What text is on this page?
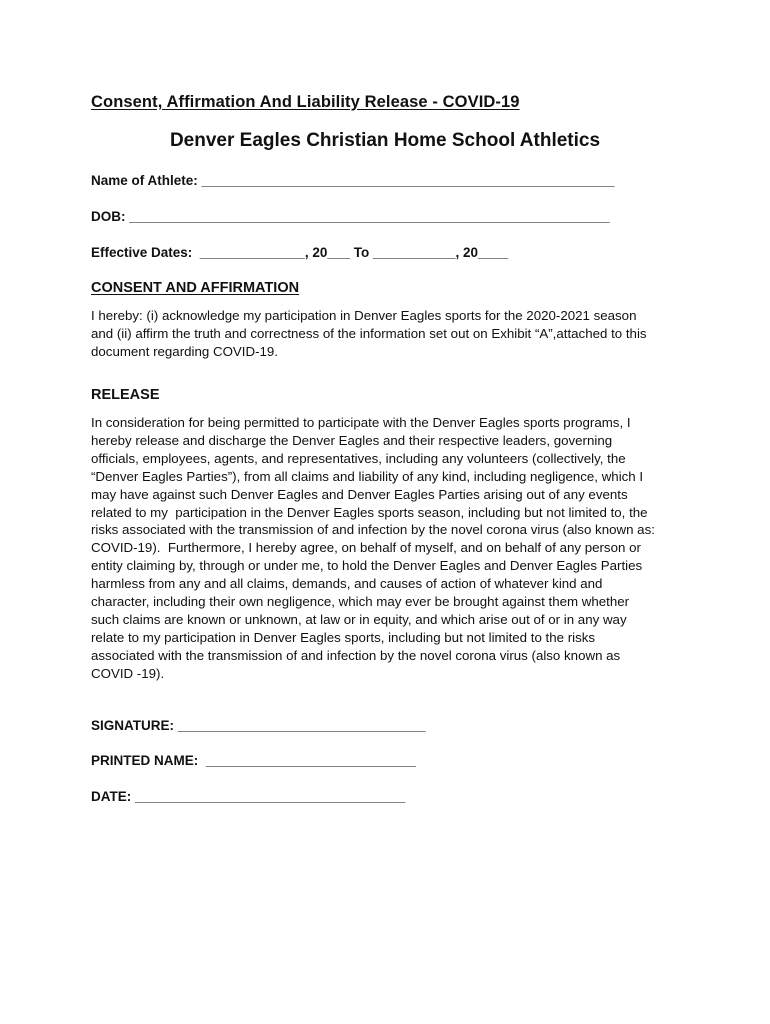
Consent, Affirmation And Liability Release - COVID-19

Denver Eagles Christian Home School Athletics

Name of Athlete: _______________________________________________________

DOB: ________________________________________________________________

Effective Dates:  ______________, 20___ To ___________, 20____

CONSENT AND AFFIRMATION

I hereby: (i) acknowledge my participation in Denver Eagles sports for the 2020-2021 season
and (ii) affirm the truth and correctness of the information set out on Exhibit “A”,attached to this
document regarding COVID-19.

RELEASE

In consideration for being permitted to participate with the Denver Eagles sports programs, I
hereby release and discharge the Denver Eagles and their respective leaders, governing
officials, employees, agents, and representatives, including any volunteers (collectively, the
“Denver Eagles Parties”), from all claims and liability of any kind, including negligence, which I
may have against such Denver Eagles and Denver Eagles Parties arising out of any events
related to my  participation in the Denver Eagles sports season, including but not limited to, the
risks associated with the transmission of and infection by the novel corona virus (also known as:
COVID-19).  Furthermore, I hereby agree, on behalf of myself, and on behalf of any person or
entity claiming by, through or under me, to hold the Denver Eagles and Denver Eagles Parties
harmless from any and all claims, demands, and causes of action of whatever kind and
character, including their own negligence, which may ever be brought against them whether
such claims are known or unknown, at law or in equity, and which arise out of or in any way
relate to my participation in Denver Eagles sports, including but not limited to the risks
associated with the transmission of and infection by the novel corona virus (also known as
COVID -19).

SIGNATURE: _________________________________

PRINTED NAME:  ____________________________

DATE: ____________________________________
